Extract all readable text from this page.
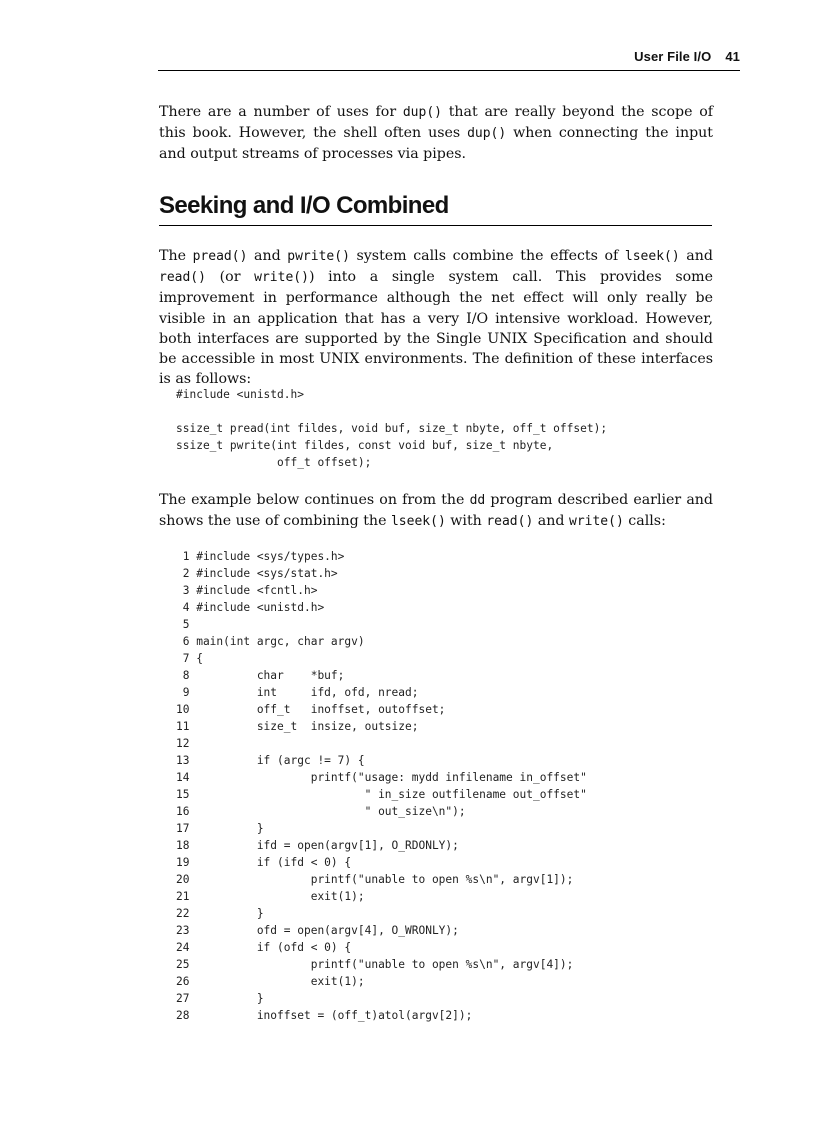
User File I/O 41

There are a number of uses for dup() that are really beyond the scope of this book. However, the shell often uses dup() when connecting the input and output streams of processes via pipes.

Seeking and I/O Combined

The pread() and pwrite() system calls combine the effects of lseek() and read() (or write()) into a single system call. This provides some improvement in performance although the net effect will only really be visible in an application that has a very I/O intensive workload. However, both interfaces are supported by the Single UNIX Specification and should be accessible in most UNIX environments. The definition of these interfaces is as follows:

#include <unistd.h>

ssize_t pread(int fildes, void buf, size_t nbyte, off_t offset);
ssize_t pwrite(int fildes, const void buf, size_t nbyte,
off_t offset);

The example below continues on from the dd program described earlier and shows the use of combining the lseek() with read() and write() calls:

1 #include <sys/types.h>
2 #include <sys/stat.h>
3 #include <fcntl.h>
4 #include <unistd.h>
5
6 main(int argc, char argv)
7 {
8          char    *buf;
9          int     ifd, ofd, nread;
10          off_t   inoffset, outoffset;
11          size_t  insize, outsize;
12
13          if (argc != 7) {
14                  printf("usage: mydd infilename in_offset"
15                          " in_size outfilename out_offset"
16                          " out_size\n");
17          }
18          ifd = open(argv[1], O_RDONLY);
19          if (ifd < 0) {
20                  printf("unable to open %s\n", argv[1]);
21                  exit(1);
22          }
23          ofd = open(argv[4], O_WRONLY);
24          if (ofd < 0) {
25                  printf("unable to open %s\n", argv[4]);
26                  exit(1);
27          }
28          inoffset = (off_t)atol(argv[2]);
